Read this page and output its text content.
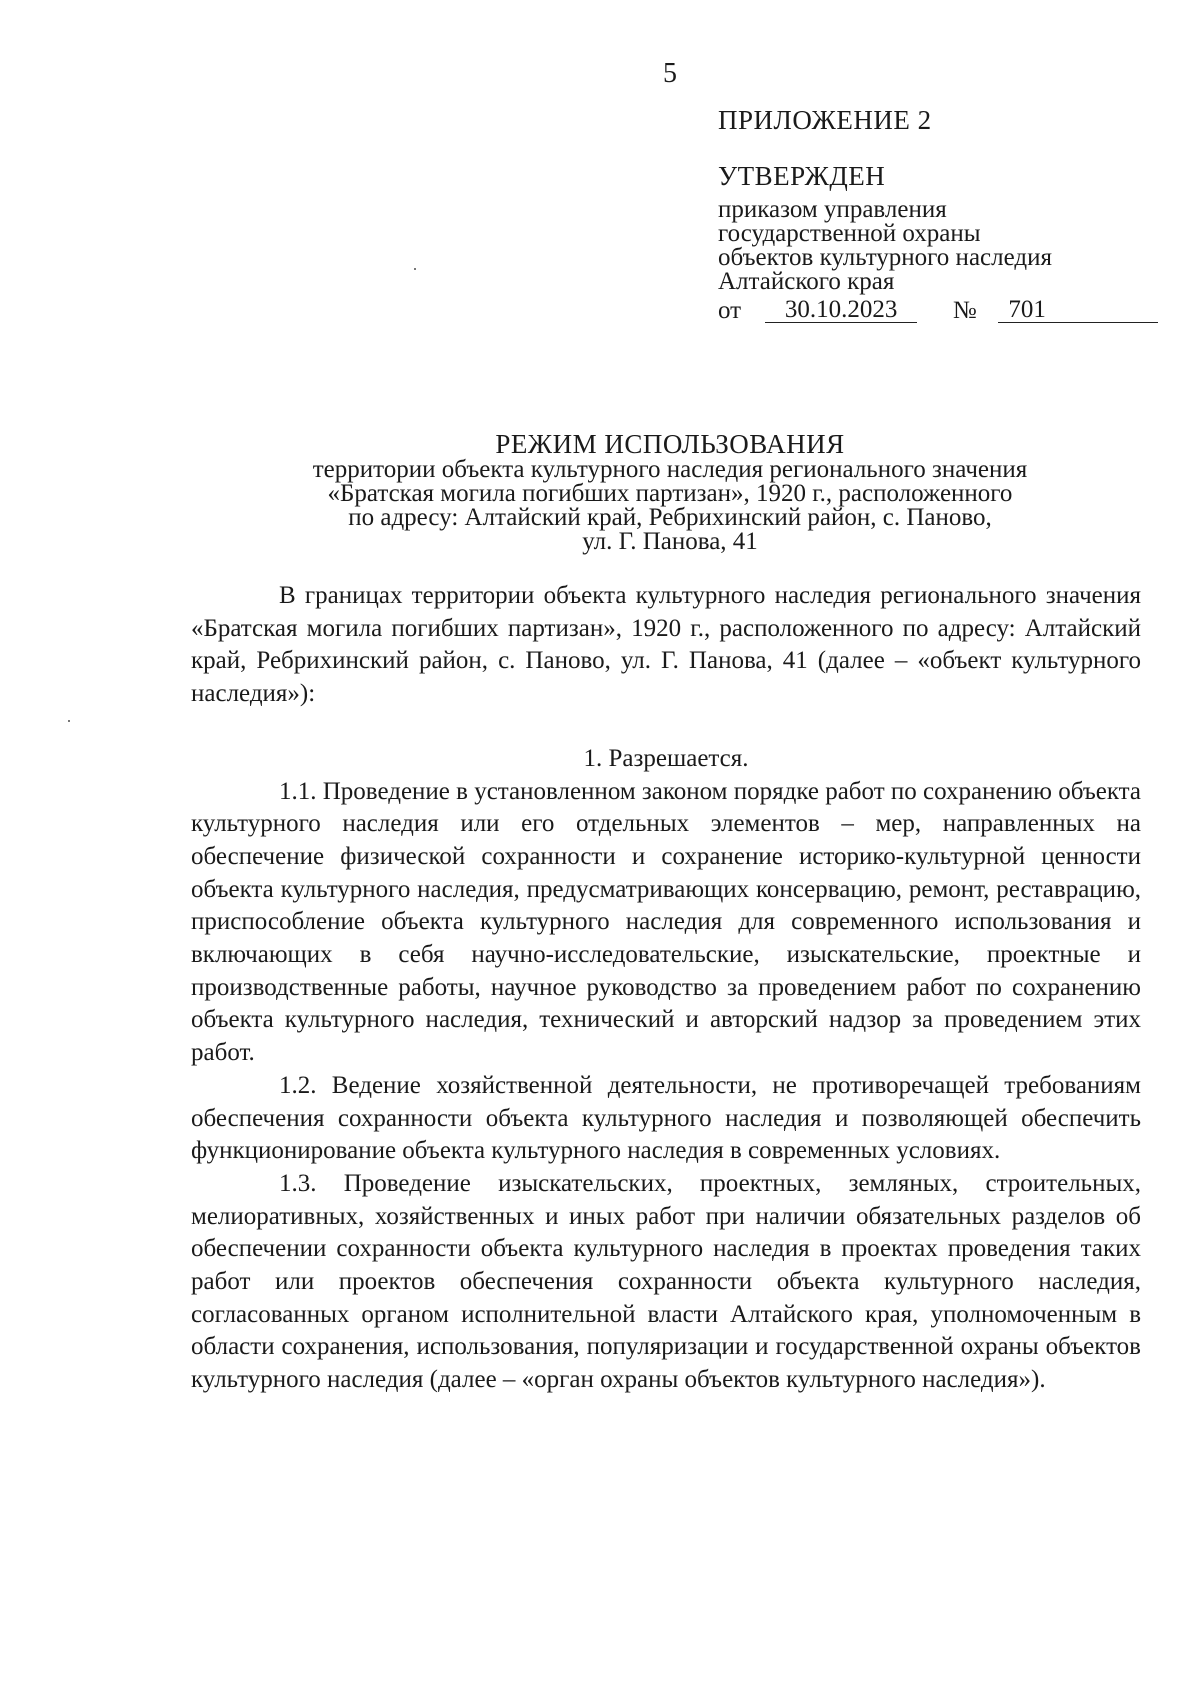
5
ПРИЛОЖЕНИЕ 2
УТВЕРЖДЕН
приказом управления
государственной охраны
объектов культурного наследия
Алтайского края
от	30.10.2023	№	701
РЕЖИМ ИСПОЛЬЗОВАНИЯ
территории объекта культурного наследия регионального значения
«Братская могила погибших партизан», 1920 г., расположенного
по адресу: Алтайский край, Ребрихинский район, с. Паново,
ул. Г. Панова, 41

В границах территории объекта культурного наследия регионального значения «Братская могила погибших партизан», 1920 г., расположенного по адресу: Алтайский край, Ребрихинский район, с. Паново, ул. Г. Панова, 41 (далее – «объект культурного наследия»):

1. Разрешается.

1.1. Проведение в установленном законом порядке работ по сохранению объекта культурного наследия или его отдельных элементов – мер, направленных на обеспечение физической сохранности и сохранение историко-культурной ценности объекта культурного наследия, предусматривающих консервацию, ремонт, реставрацию, приспособление объекта культурного наследия для современного использования и включающих в себя научно-исследовательские, изыскательские, проектные и производственные работы, научное руководство за проведением работ по сохранению объекта культурного наследия, технический и авторский надзор за проведением этих работ.

1.2. Ведение хозяйственной деятельности, не противоречащей требованиям обеспечения сохранности объекта культурного наследия и позволяющей обеспечить функционирование объекта культурного наследия в современных условиях.

1.3. Проведение изыскательских, проектных, земляных, строительных, мелиоративных, хозяйственных и иных работ при наличии обязательных разделов об обеспечении сохранности объекта культурного наследия в проектах проведения таких работ или проектов обеспечения сохранности объекта культурного наследия, согласованных органом исполнительной власти Алтайского края, уполномоченным в области сохранения, использования, популяризации и государственной охраны объектов культурного наследия (далее – «орган охраны объектов культурного наследия»).
